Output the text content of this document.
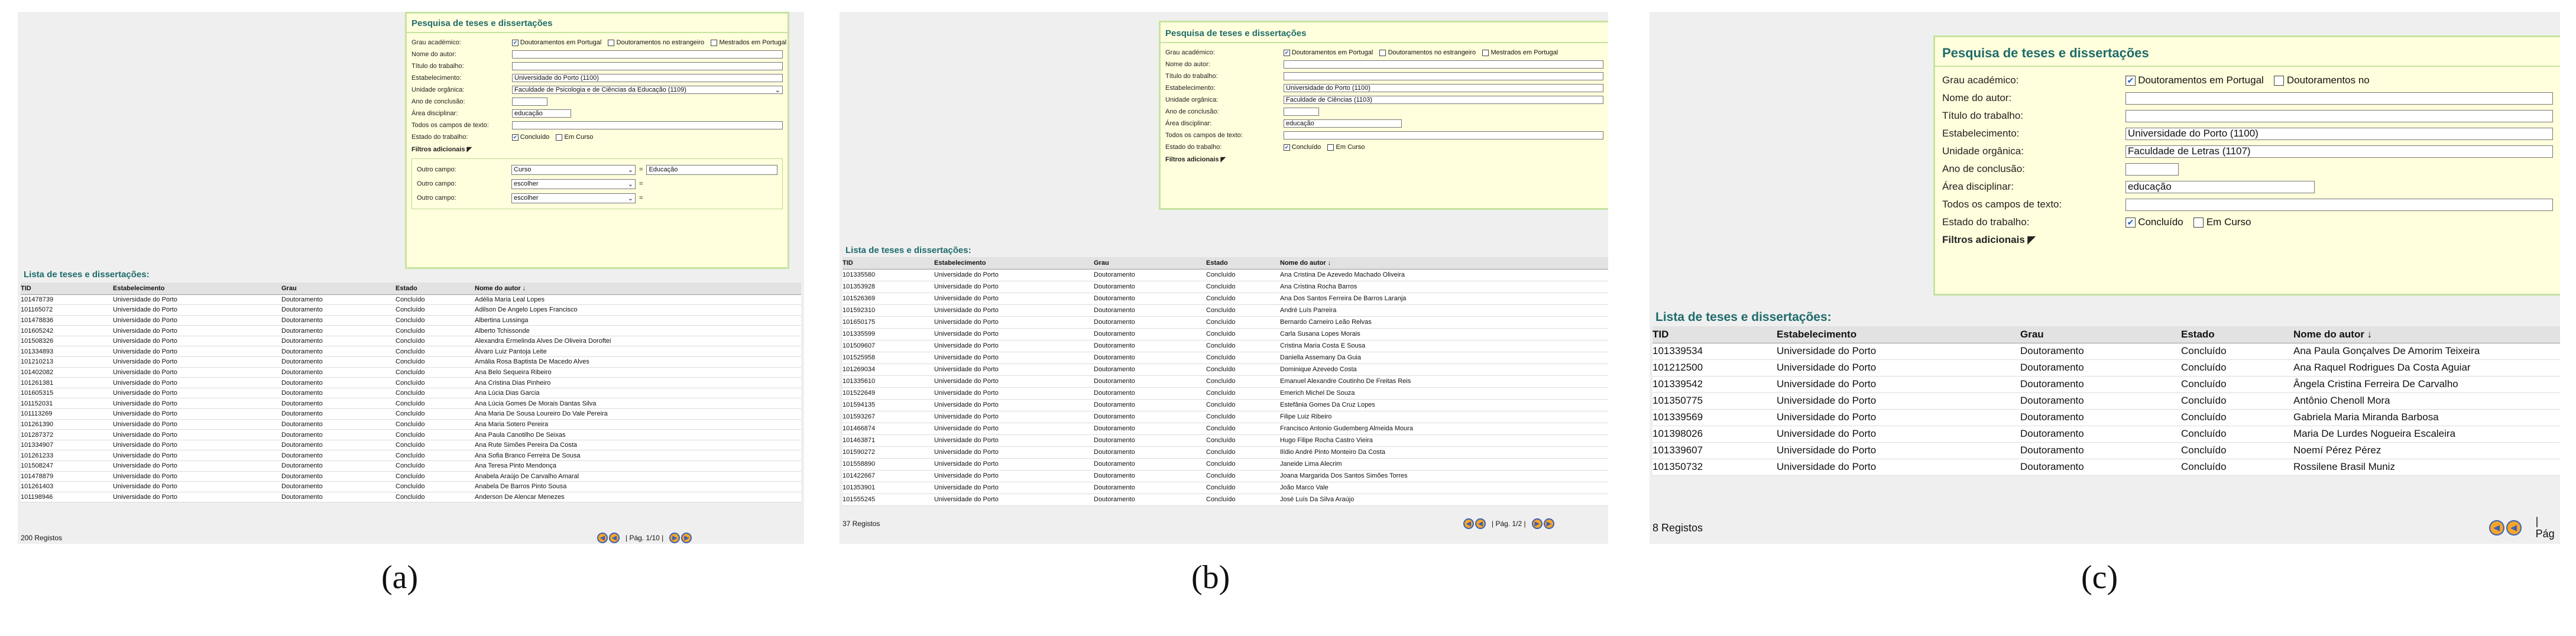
Pesquisa de teses e dissertações
Grau académico:	✔ Doutoramentos em Portugal Doutoramentos no estrangeiro Mestrados em Portugal
Nome do autor:
Título do trabalho:
Estabelecimento:	Universidade do Porto (1100)
Unidade orgânica:	Faculdade de Psicologia e de Ciências da Educação (1109)	⌄
Ano de conclusão:
Área disciplinar:	educação
Todos os campos de texto:
Estado do trabalho:	✔ Concluído Em Curso
Filtros adicionais ◤
Outro campo:	Curso	⌄ = Educação
Outro campo:	escolher	⌄ =
Outro campo:	escolher	⌄ =
Lista de teses e dissertações:
TID	Estabelecimento	Grau	Estado	Nome do autor ↓
101478739	Universidade do Porto	Doutoramento	Concluído	Adélia Maria Leal Lopes
101165072	Universidade do Porto	Doutoramento	Concluído	Adilson De Angelo Lopes Francisco
101478836	Universidade do Porto	Doutoramento	Concluído	Albertina Lussinga
101605242	Universidade do Porto	Doutoramento	Concluído	Alberto Tchissonde
101508326	Universidade do Porto	Doutoramento	Concluído	Alexandra Ermelinda Alves De Oliveira Doroftei
101334893	Universidade do Porto	Doutoramento	Concluído	Álvaro Luiz Pantoja Leite
101210213	Universidade do Porto	Doutoramento	Concluído	Amália Rosa Baptista De Macedo Alves
101402082	Universidade do Porto	Doutoramento	Concluído	Ana Belo Sequeira Ribeiro
101261381	Universidade do Porto	Doutoramento	Concluído	Ana Cristina Dias Pinheiro
101605315	Universidade do Porto	Doutoramento	Concluído	Ana Lúcia Dias Garcia
101152031	Universidade do Porto	Doutoramento	Concluído	Ana Lúcia Gomes De Morais Dantas Silva
101113269	Universidade do Porto	Doutoramento	Concluído	Ana Maria De Sousa Loureiro Do Vale Pereira
101261390	Universidade do Porto	Doutoramento	Concluído	Ana Maria Sotero Pereira
101287372	Universidade do Porto	Doutoramento	Concluído	Ana Paula Canotilho De Seixas
101334907	Universidade do Porto	Doutoramento	Concluído	Ana Rute Simões Pereira Da Costa
101261233	Universidade do Porto	Doutoramento	Concluído	Ana Sofia Branco Ferreira De Sousa
101508247	Universidade do Porto	Doutoramento	Concluído	Ana Teresa Pinto Mendonça
101478879	Universidade do Porto	Doutoramento	Concluído	Anabela Araújo De Carvalho Amaral
101261403	Universidade do Porto	Doutoramento	Concluído	Anabela De Barros Pinto Sousa
101198946	Universidade do Porto	Doutoramento	Concluído	Anderson De Alencar Menezes
200 Registos	◀	◀	| Pág. 1/10 |	▶	▶
(a)
Pesquisa de teses e dissertações
Grau académico:	✔ Doutoramentos em Portugal Doutoramentos no estrangeiro Mestrados em Portugal
Nome do autor:
Título do trabalho:
Estabelecimento:	Universidade do Porto (1100)
Unidade orgânica:	Faculdade de Ciências (1103)
Ano de conclusão:
Área disciplinar:	educação
Todos os campos de texto:
Estado do trabalho:	✔ Concluído Em Curso
Filtros adicionais ◤
Lista de teses e dissertações:
TID	Estabelecimento	Grau	Estado	Nome do autor ↓
101335580	Universidade do Porto	Doutoramento	Concluído	Ana Cristina De Azevedo Machado Oliveira
101353928	Universidade do Porto	Doutoramento	Concluído	Ana Cristina Rocha Barros
101526369	Universidade do Porto	Doutoramento	Concluído	Ana Dos Santos Ferreira De Barros Laranja
101592310	Universidade do Porto	Doutoramento	Concluído	André Luís Parreira
101650175	Universidade do Porto	Doutoramento	Concluído	Bernardo Carneiro Leão Relvas
101335599	Universidade do Porto	Doutoramento	Concluído	Carla Susana Lopes Morais
101509607	Universidade do Porto	Doutoramento	Concluído	Cristina Maria Costa E Sousa
101525958	Universidade do Porto	Doutoramento	Concluído	Daniella Assemany Da Guia
101269034	Universidade do Porto	Doutoramento	Concluído	Dominique Azevedo Costa
101335610	Universidade do Porto	Doutoramento	Concluído	Emanuel Alexandre Coutinho De Freitas Reis
101522649	Universidade do Porto	Doutoramento	Concluído	Emerich Michel De Souza
101594135	Universidade do Porto	Doutoramento	Concluído	Estefânia Gomes Da Cruz Lopes
101593267	Universidade do Porto	Doutoramento	Concluído	Filipe Luiz Ribeiro
101466874	Universidade do Porto	Doutoramento	Concluído	Francisco Antonio Gudemberg Almeida Moura
101463871	Universidade do Porto	Doutoramento	Concluído	Hugo Filipe Rocha Castro Vieira
101590272	Universidade do Porto	Doutoramento	Concluído	Ilídio André Pinto Monteiro Da Costa
101558890	Universidade do Porto	Doutoramento	Concluído	Janeide Lima Alecrim
101422667	Universidade do Porto	Doutoramento	Concluído	Joana Margarida Dos Santos Simões Torres
101353901	Universidade do Porto	Doutoramento	Concluído	João Marco Vale
101555245	Universidade do Porto	Doutoramento	Concluído	José Luís Da Silva Araújo
37 Registos	◀	◀	| Pág. 1/2 |	▶	▶
(b)
Pesquisa de teses e dissertações
Grau académico:	✔ Doutoramentos em Portugal Doutoramentos no
Nome do autor:
Título do trabalho:
Estabelecimento:	Universidade do Porto (1100)
Unidade orgânica:	Faculdade de Letras (1107)
Ano de conclusão:
Área disciplinar:	educação
Todos os campos de texto:
Estado do trabalho:	✔ Concluído Em Curso
Filtros adicionais ◤
Lista de teses e dissertações:
TID	Estabelecimento	Grau	Estado	Nome do autor ↓
101339534	Universidade do Porto	Doutoramento	Concluído	Ana Paula Gonçalves De Amorim Teixeira
101212500	Universidade do Porto	Doutoramento	Concluído	Ana Raquel Rodrigues Da Costa Aguiar
101339542	Universidade do Porto	Doutoramento	Concluído	Ângela Cristina Ferreira De Carvalho
101350775	Universidade do Porto	Doutoramento	Concluído	Antônio Chenoll Mora
101339569	Universidade do Porto	Doutoramento	Concluído	Gabriela Maria Miranda Barbosa
101398026	Universidade do Porto	Doutoramento	Concluído	Maria De Lurdes Nogueira Escaleira
101339607	Universidade do Porto	Doutoramento	Concluído	Noemí Pérez Pérez
101350732	Universidade do Porto	Doutoramento	Concluído	Rossilene Brasil Muniz
8 Registos	◀	◀
| Pág
(c)
